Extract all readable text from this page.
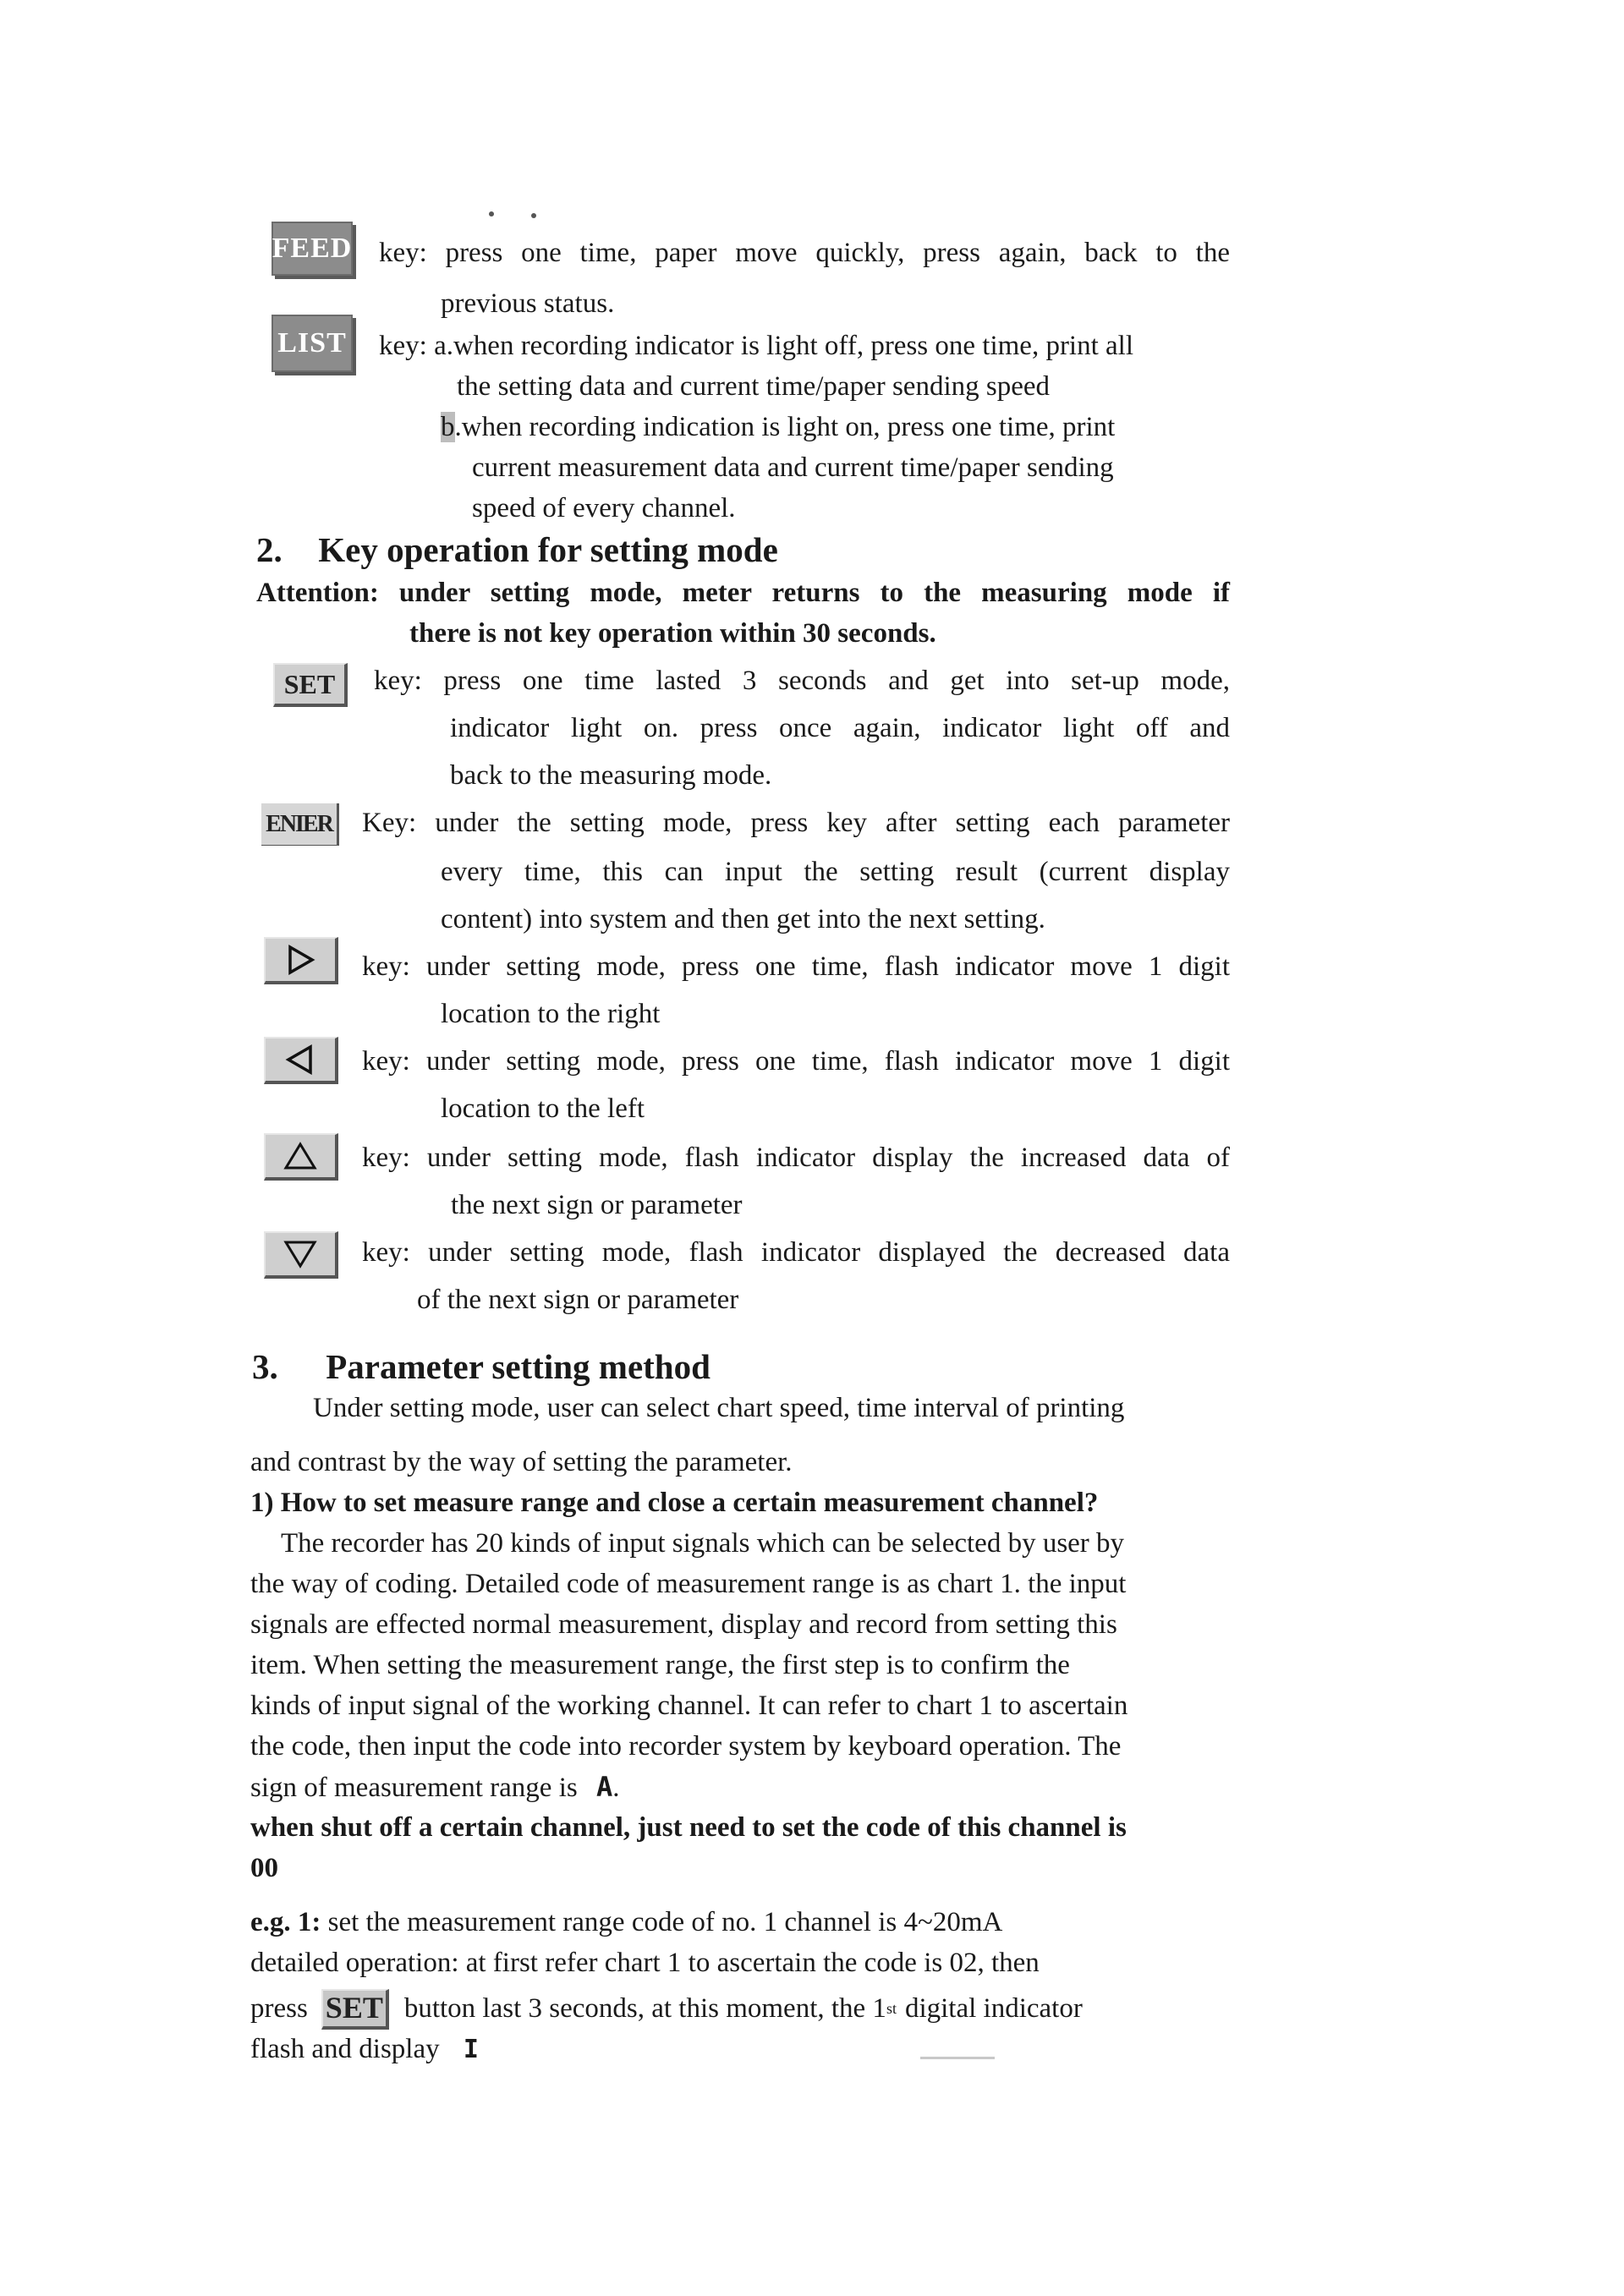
FEED key: press one time, paper move quickly, press again, back to the
previous status.
LIST key: a.when recording indicator is light off, press one time, print all
the setting data and current time/paper sending speed
b.when recording indication is light on, press one time, print
current measurement data and current time/paper sending
speed of every channel.
2. Key operation for setting mode
Attention: under setting mode, meter returns to the measuring mode if
there is not key operation within 30 seconds.
SET	key: press one time lasted 3 seconds and get into set-up mode,
indicator light on. press once again, indicator light off and
back to the measuring mode.
ENIER Key: under the setting mode, press key after setting each parameter
every time, this can input the setting result (current display
content) into system and then get into the next setting.
key: under setting mode, press one time, flash indicator move 1 digit
location to the right
key: under setting mode, press one time, flash indicator move 1 digit
location to the left
key: under setting mode, flash indicator display the increased data of
the next sign or parameter
key: under setting mode, flash indicator displayed the decreased data
of the next sign or parameter
3. Parameter setting method
Under setting mode, user can select chart speed, time interval of printing
and contrast by the way of setting the parameter.
1) How to set measure range and close a certain measurement channel?
The recorder has 20 kinds of input signals which can be selected by user by
the way of coding. Detailed code of measurement range is as chart 1. the input
signals are effected normal measurement, display and record from setting this
item. When setting the measurement range, the first step is to confirm the
kinds of input signal of the working channel. It can refer to chart 1 to ascertain
the code, then input the code into recorder system by keyboard operation. The
sign of measurement range is A.
when shut off a certain channel, just need to set the code of this channel is
00
e.g. 1: set the measurement range code of no. 1 channel is 4~20mA
detailed operation: at first refer chart 1 to ascertain the code is 02, then
press SET button last 3 seconds, at this moment, the 1 st digital indicator
flash and display I
